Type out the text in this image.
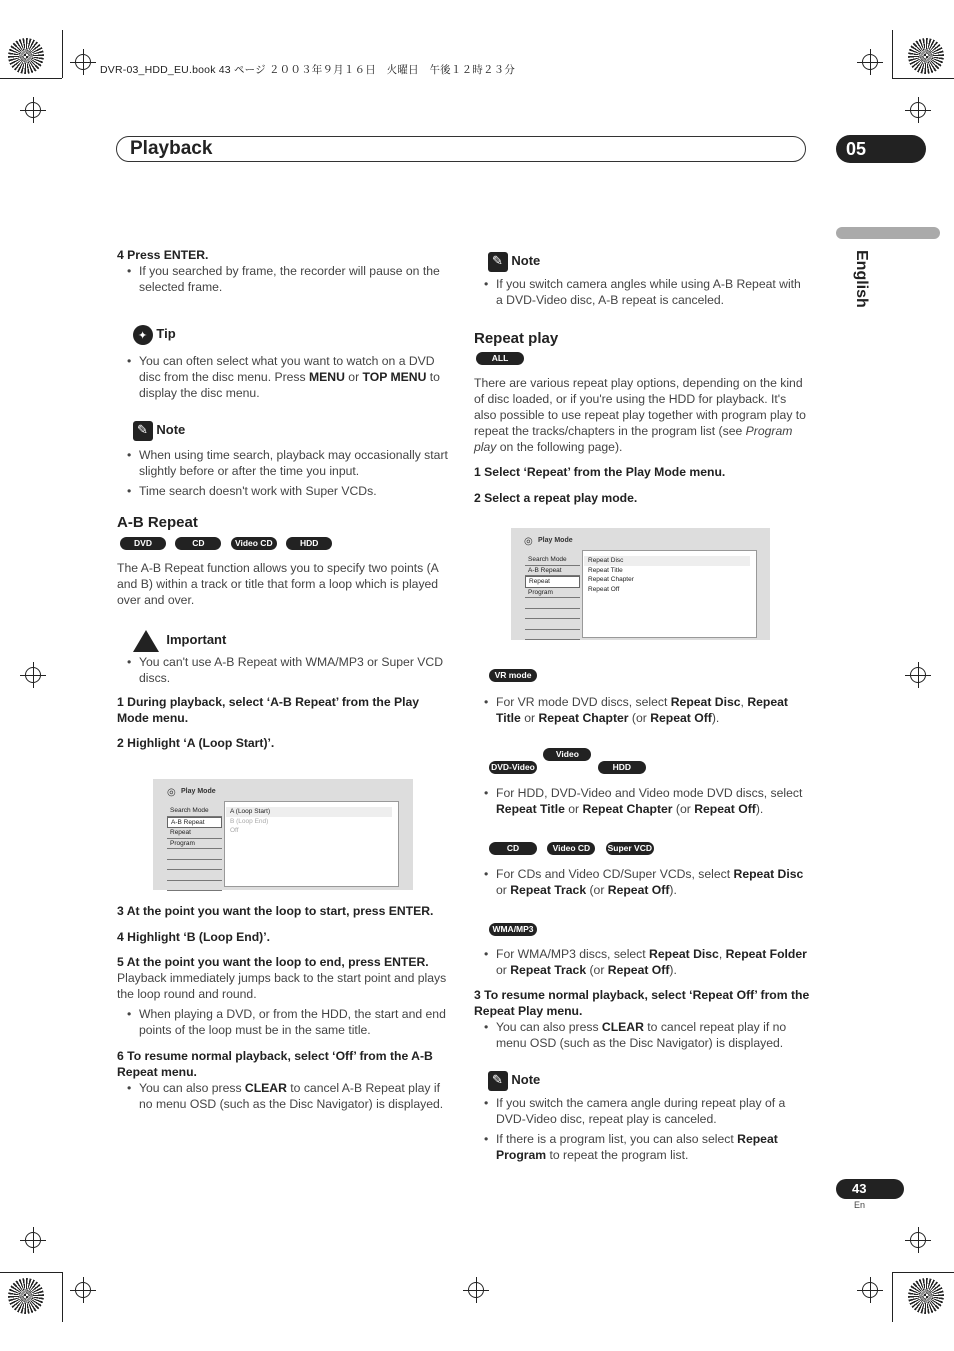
DVR-03_HDD_EU.book 43 ページ ２００３年９月１６日　火曜日　午後１２時２３分
Playback	05
English
4 Press ENTER.
• If you searched by frame, the recorder will pause on the selected frame.
✦ Tip
• You can often select what you want to watch on a DVD disc from the disc menu. Press MENU or TOP MENU to display the disc menu.
✎ Note
• When using time search, playback may occasionally start slightly before or after the time you input.
• Time search doesn't work with Super VCDs.
A-B Repeat
DVD	CD	Video CD	HDD
The A-B Repeat function allows you to specify two points (A and B) within a track or title that form a loop which is played over and over.
Important
• You can't use A-B Repeat with WMA/MP3 or Super VCD discs.
1 During playback, select ‘A-B Repeat’ from the Play Mode menu.
2 Highlight ‘A (Loop Start)’.
◎ Play Mode
Search Mode
A-B Repeat
Repeat
Program
A (Loop Start)
B (Loop End)
Off
3 At the point you want the loop to start, press ENTER.
4 Highlight ‘B (Loop End)’.
5 At the point you want the loop to end, press ENTER.
Playback immediately jumps back to the start point and plays the loop round and round.
• When playing a DVD, or from the HDD, the start and end points of the loop must be in the same title.
6 To resume normal playback, select ‘Off’ from the A-B Repeat menu.
• You can also press CLEAR to cancel A-B Repeat play if no menu OSD (such as the Disc Navigator) is displayed.
✎ Note
• If you switch camera angles while using A-B Repeat with a DVD-Video disc, A-B repeat is canceled.
Repeat play
ALL
There are various repeat play options, depending on the kind of disc loaded, or if you're using the HDD for playback. It's also possible to use repeat play together with program play to repeat the tracks/chapters in the program list (see Program play on the following page).
1 Select ‘Repeat’ from the Play Mode menu.
2 Select a repeat play mode.
◎ Play Mode
Search Mode
A-B Repeat
Repeat
Program
Repeat Disc
Repeat Title
Repeat Chapter
Repeat Off
VR mode
• For VR mode DVD discs, select Repeat Disc, Repeat Title or Repeat Chapter (or Repeat Off).
DVD-Video Video mode	HDD
• For HDD, DVD-Video and Video mode DVD discs, select Repeat Title or Repeat Chapter (or Repeat Off).
CD	Video CD Super VCD
• For CDs and Video CD/Super VCDs, select Repeat Disc or Repeat Track (or Repeat Off).
WMA/MP3
• For WMA/MP3 discs, select Repeat Disc, Repeat Folder or Repeat Track (or Repeat Off).
3 To resume normal playback, select ‘Repeat Off’ from the Repeat Play menu.
• You can also press CLEAR to cancel repeat play if no menu OSD (such as the Disc Navigator) is displayed.
✎ Note
• If you switch the camera angle during repeat play of a DVD-Video disc, repeat play is canceled.
• If there is a program list, you can also select Repeat Program to repeat the program list.
43
En
